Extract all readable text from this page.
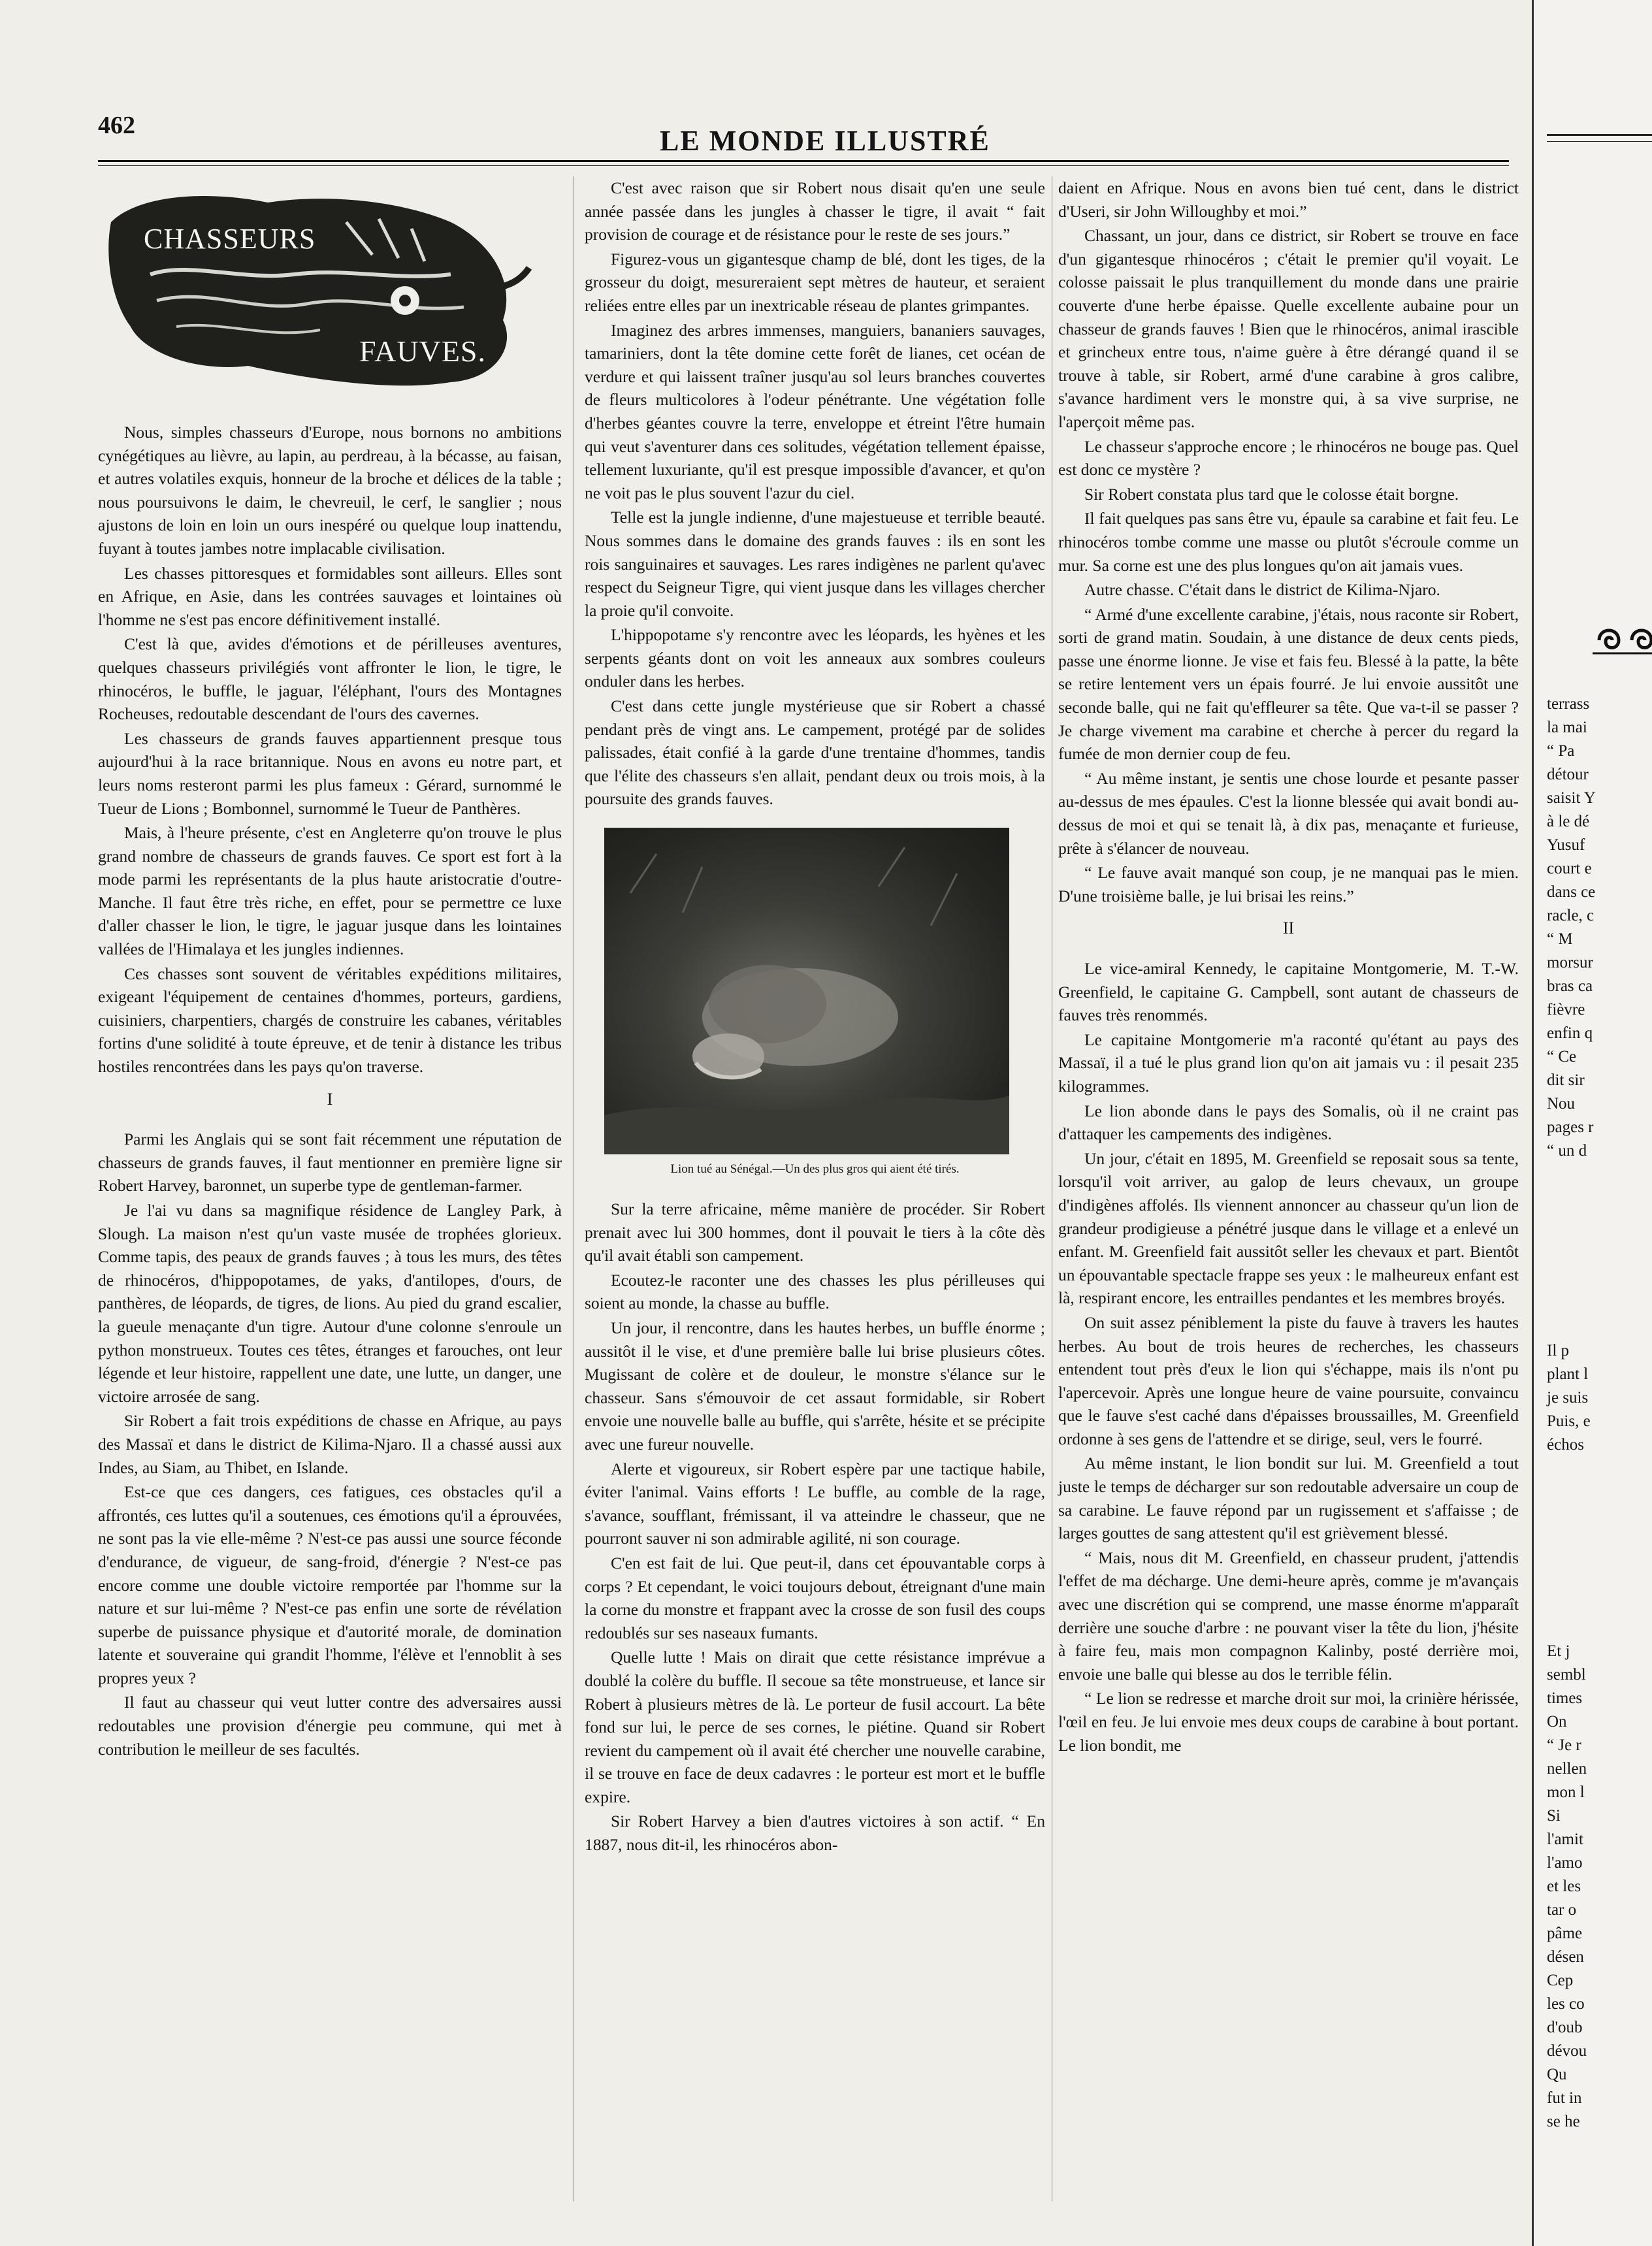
462	LE MONDE ILLUSTRÉ
CHASSEURS
FAUVES.

Nous, simples chasseurs d'Europe, nous bornons no ambitions cynégétiques au lièvre, au lapin, au perdreau, à la bécasse, au faisan, et autres volatiles exquis, honneur de la broche et délices de la table ; nous poursuivons le daim, le chevreuil, le cerf, le sanglier ; nous ajustons de loin en loin un ours inespéré ou quelque loup inattendu, fuyant à toutes jambes notre implacable civilisation.

Les chasses pittoresques et formidables sont ailleurs. Elles sont en Afrique, en Asie, dans les contrées sauvages et lointaines où l'homme ne s'est pas encore définitivement installé.

C'est là que, avides d'émotions et de périlleuses aventures, quelques chasseurs privilégiés vont affronter le lion, le tigre, le rhinocéros, le buffle, le jaguar, l'éléphant, l'ours des Montagnes Rocheuses, redoutable descendant de l'ours des cavernes.

Les chasseurs de grands fauves appartiennent presque tous aujourd'hui à la race britannique. Nous en avons eu notre part, et leurs noms resteront parmi les plus fameux : Gérard, surnommé le Tueur de Lions ; Bombonnel, surnommé le Tueur de Panthères.

Mais, à l'heure présente, c'est en Angleterre qu'on trouve le plus grand nombre de chasseurs de grands fauves. Ce sport est fort à la mode parmi les représentants de la plus haute aristocratie d'outre-Manche. Il faut être très riche, en effet, pour se permettre ce luxe d'aller chasser le lion, le tigre, le jaguar jusque dans les lointaines vallées de l'Himalaya et les jungles indiennes.

Ces chasses sont souvent de véritables expéditions militaires, exigeant l'équipement de centaines d'hommes, porteurs, gardiens, cuisiniers, charpentiers, chargés de construire les cabanes, véritables fortins d'une solidité à toute épreuve, et de tenir à distance les tribus hostiles rencontrées dans les pays qu'on traverse.

I

Parmi les Anglais qui se sont fait récemment une réputation de chasseurs de grands fauves, il faut mentionner en première ligne sir Robert Harvey, baronnet, un superbe type de gentleman-farmer.

Je l'ai vu dans sa magnifique résidence de Langley Park, à Slough. La maison n'est qu'un vaste musée de trophées glorieux. Comme tapis, des peaux de grands fauves ; à tous les murs, des têtes de rhinocéros, d'hippopotames, de yaks, d'antilopes, d'ours, de panthères, de léopards, de tigres, de lions. Au pied du grand escalier, la gueule menaçante d'un tigre. Autour d'une colonne s'enroule un python monstrueux. Toutes ces têtes, étranges et farouches, ont leur légende et leur histoire, rappellent une date, une lutte, un danger, une victoire arrosée de sang.

Sir Robert a fait trois expéditions de chasse en Afrique, au pays des Massaï et dans le district de Kilima-Njaro. Il a chassé aussi aux Indes, au Siam, au Thibet, en Islande.

Est-ce que ces dangers, ces fatigues, ces obstacles qu'il a affrontés, ces luttes qu'il a soutenues, ces émotions qu'il a éprouvées, ne sont pas la vie elle-même ? N'est-ce pas aussi une source féconde d'endurance, de vigueur, de sang-froid, d'énergie ? N'est-ce pas encore comme une double victoire remportée par l'homme sur la nature et sur lui-même ? N'est-ce pas enfin une sorte de révélation superbe de puissance physique et d'autorité morale, de domination latente et souveraine qui grandit l'homme, l'élève et l'ennoblit à ses propres yeux ?

Il faut au chasseur qui veut lutter contre des adversaires aussi redoutables une provision d'énergie peu commune, qui met à contribution le meilleur de ses facultés.

C'est avec raison que sir Robert nous disait qu'en une seule année passée dans les jungles à chasser le tigre, il avait “ fait provision de courage et de résistance pour le reste de ses jours.”

Figurez-vous un gigantesque champ de blé, dont les tiges, de la grosseur du doigt, mesureraient sept mètres de hauteur, et seraient reliées entre elles par un inextricable réseau de plantes grimpantes.

Imaginez des arbres immenses, manguiers, bananiers sauvages, tamariniers, dont la tête domine cette forêt de lianes, cet océan de verdure et qui laissent traîner jusqu'au sol leurs branches couvertes de fleurs multicolores à l'odeur pénétrante. Une végétation folle d'herbes géantes couvre la terre, enveloppe et étreint l'être humain qui veut s'aventurer dans ces solitudes, végétation tellement épaisse, tellement luxuriante, qu'il est presque impossible d'avancer, et qu'on ne voit pas le plus souvent l'azur du ciel.

Telle est la jungle indienne, d'une majestueuse et terrible beauté. Nous sommes dans le domaine des grands fauves : ils en sont les rois sanguinaires et sauvages. Les rares indigènes ne parlent qu'avec respect du Seigneur Tigre, qui vient jusque dans les villages chercher la proie qu'il convoite.

L'hippopotame s'y rencontre avec les léopards, les hyènes et les serpents géants dont on voit les anneaux aux sombres couleurs onduler dans les herbes.

C'est dans cette jungle mystérieuse que sir Robert a chassé pendant près de vingt ans. Le campement, protégé par de solides palissades, était confié à la garde d'une trentaine d'hommes, tandis que l'élite des chasseurs s'en allait, pendant deux ou trois mois, à la poursuite des grands fauves.

Lion tué au Sénégal.—Un des plus gros qui aient été tirés.

Sur la terre africaine, même manière de procéder. Sir Robert prenait avec lui 300 hommes, dont il pouvait le tiers à la côte dès qu'il avait établi son campement.

Ecoutez-le raconter une des chasses les plus périlleuses qui soient au monde, la chasse au buffle.

Un jour, il rencontre, dans les hautes herbes, un buffle énorme ; aussitôt il le vise, et d'une première balle lui brise plusieurs côtes. Mugissant de colère et de douleur, le monstre s'élance sur le chasseur. Sans s'émouvoir de cet assaut formidable, sir Robert envoie une nouvelle balle au buffle, qui s'arrête, hésite et se précipite avec une fureur nouvelle.

Alerte et vigoureux, sir Robert espère par une tactique habile, éviter l'animal. Vains efforts ! Le buffle, au comble de la rage, s'avance, soufflant, frémissant, il va atteindre le chasseur, que ne pourront sauver ni son admirable agilité, ni son courage.

C'en est fait de lui. Que peut-il, dans cet épouvantable corps à corps ? Et cependant, le voici toujours debout, étreignant d'une main la corne du monstre et frappant avec la crosse de son fusil des coups redoublés sur ses naseaux fumants.

Quelle lutte ! Mais on dirait que cette résistance imprévue a doublé la colère du buffle. Il secoue sa tête monstrueuse, et lance sir Robert à plusieurs mètres de là. Le porteur de fusil accourt. La bête fond sur lui, le perce de ses cornes, le piétine. Quand sir Robert revient du campement où il avait été chercher une nouvelle carabine, il se trouve en face de deux cadavres : le porteur est mort et le buffle expire.

Sir Robert Harvey a bien d'autres victoires à son actif. “ En 1887, nous dit-il, les rhinocéros abon-

daient en Afrique. Nous en avons bien tué cent, dans le district d'Useri, sir John Willoughby et moi.”

Chassant, un jour, dans ce district, sir Robert se trouve en face d'un gigantesque rhinocéros ; c'était le premier qu'il voyait. Le colosse paissait le plus tranquillement du monde dans une prairie couverte d'une herbe épaisse. Quelle excellente aubaine pour un chasseur de grands fauves ! Bien que le rhinocéros, animal irascible et grincheux entre tous, n'aime guère à être dérangé quand il se trouve à table, sir Robert, armé d'une carabine à gros calibre, s'avance hardiment vers le monstre qui, à sa vive surprise, ne l'aperçoit même pas.

Le chasseur s'approche encore ; le rhinocéros ne bouge pas. Quel est donc ce mystère ?

Sir Robert constata plus tard que le colosse était borgne.

Il fait quelques pas sans être vu, épaule sa carabine et fait feu. Le rhinocéros tombe comme une masse ou plutôt s'écroule comme un mur. Sa corne est une des plus longues qu'on ait jamais vues.

Autre chasse. C'était dans le district de Kilima-Njaro.

“ Armé d'une excellente carabine, j'étais, nous raconte sir Robert, sorti de grand matin. Soudain, à une distance de deux cents pieds, passe une énorme lionne. Je vise et fais feu. Blessé à la patte, la bête se retire lentement vers un épais fourré. Je lui envoie aussitôt une seconde balle, qui ne fait qu'effleurer sa tête. Que va-t-il se passer ? Je charge vivement ma carabine et cherche à percer du regard la fumée de mon dernier coup de feu.

“ Au même instant, je sentis une chose lourde et pesante passer au-dessus de mes épaules. C'est la lionne blessée qui avait bondi au-dessus de moi et qui se tenait là, à dix pas, menaçante et furieuse, prête à s'élancer de nouveau.

“ Le fauve avait manqué son coup, je ne manquai pas le mien. D'une troisième balle, je lui brisai les reins.”

II

Le vice-amiral Kennedy, le capitaine Montgomerie, M. T.-W. Greenfield, le capitaine G. Campbell, sont autant de chasseurs de fauves très renommés.

Le capitaine Montgomerie m'a raconté qu'étant au pays des Massaï, il a tué le plus grand lion qu'on ait jamais vu : il pesait 235 kilogrammes.

Le lion abonde dans le pays des Somalis, où il ne craint pas d'attaquer les campements des indigènes.

Un jour, c'était en 1895, M. Greenfield se reposait sous sa tente, lorsqu'il voit arriver, au galop de leurs chevaux, un groupe d'indigènes affolés. Ils viennent annoncer au chasseur qu'un lion de grandeur prodigieuse a pénétré jusque dans le village et a enlevé un enfant. M. Greenfield fait aussitôt seller les chevaux et part. Bientôt un épouvantable spectacle frappe ses yeux : le malheureux enfant est là, respirant encore, les entrailles pendantes et les membres broyés.

On suit assez péniblement la piste du fauve à travers les hautes herbes. Au bout de trois heures de recherches, les chasseurs entendent tout près d'eux le lion qui s'échappe, mais ils n'ont pu l'apercevoir. Après une longue heure de vaine poursuite, convaincu que le fauve s'est caché dans d'épaisses broussailles, M. Greenfield ordonne à ses gens de l'attendre et se dirige, seul, vers le fourré.

Au même instant, le lion bondit sur lui. M. Greenfield a tout juste le temps de décharger sur son redoutable adversaire un coup de sa carabine. Le fauve répond par un rugissement et s'affaisse ; de larges gouttes de sang attestent qu'il est grièvement blessé.

“ Mais, nous dit M. Greenfield, en chasseur prudent, j'attendis l'effet de ma décharge. Une demi-heure après, comme je m'avançais avec une discrétion qui se comprend, une masse énorme m'apparaît derrière une souche d'arbre : ne pouvant viser la tête du lion, j'hésite à faire feu, mais mon compagnon Kalinby, posté derrière moi, envoie une balle qui blesse au dos le terrible félin.

“ Le lion se redresse et marche droit sur moi, la crinière hérissée, l'œil en feu. Je lui envoie mes deux coups de carabine à bout portant. Le lion bondit, me

terrass
la mai
“ Pa
détour
saisit Y
à le dé
Yusuf
court e
dans ce
racle, c
“ M
morsur
bras ca
fièvre
enfin q
“ Ce
dit sir
Nou
pages r
“ un d
Il p
plant l
je suis
Puis, e
échos
Et j
sembl
times
On
“ Je r
nellen
mon l
Si
l'amit
l'amo
et les
tar o
pâme
désen
Cep
les co
d'oub
dévou
Qu
fut in
se he
